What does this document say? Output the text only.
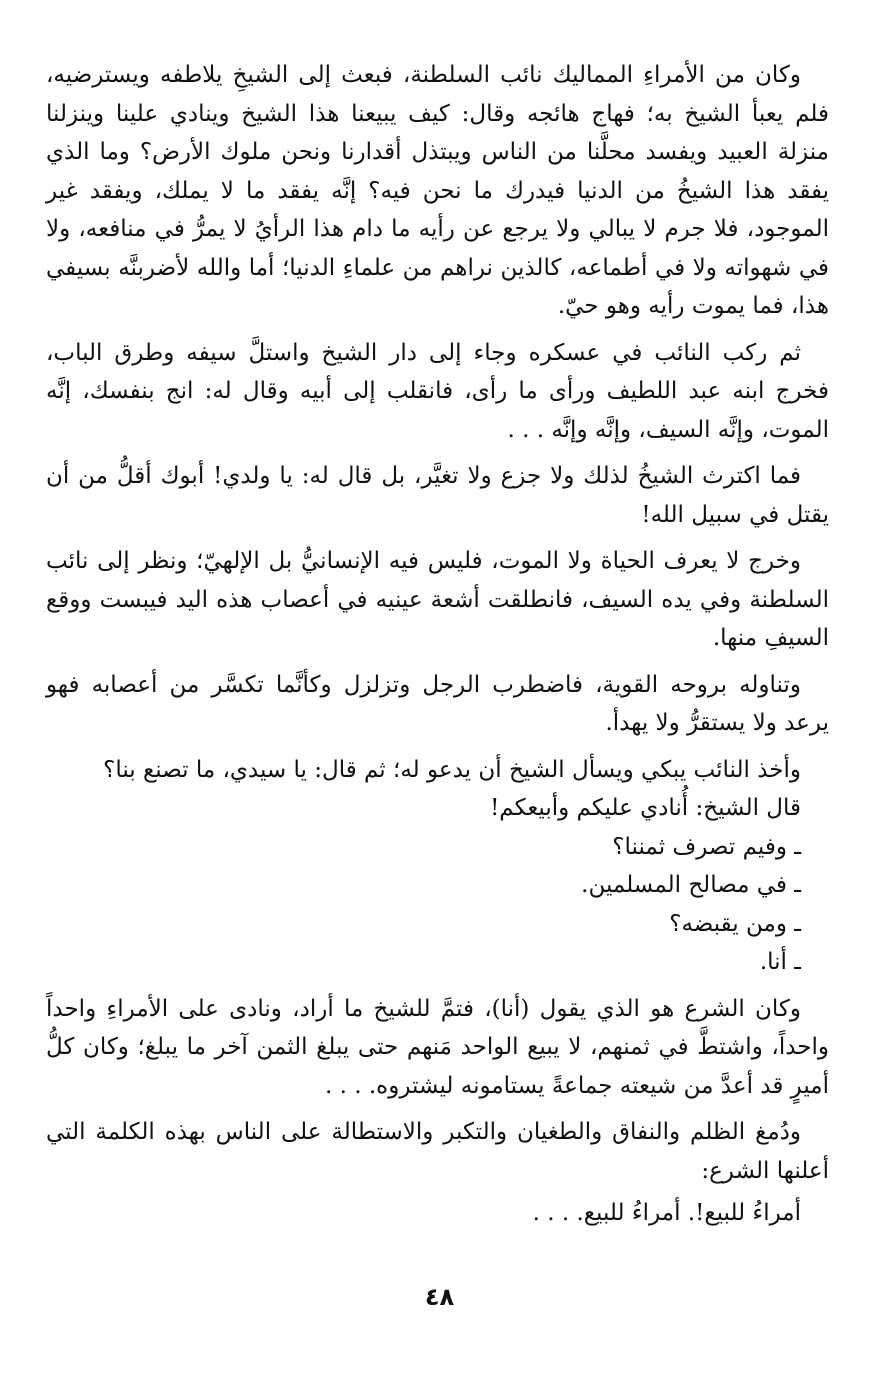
وكان من الأمراءِ المماليك نائب السلطنة، فبعث إلى الشيخِ يلاطفه ويسترضيه، فلم يعبأ الشيخ به؛ فهاج هائجه وقال: كيف يبيعنا هذا الشيخ وينادي علينا وينزلنا منزلة العبيد ويفسد محلَّنا من الناس ويبتذل أقدارنا ونحن ملوك الأرض؟ وما الذي يفقد هذا الشيخُ من الدنيا فيدرك ما نحن فيه؟ إنَّه يفقد ما لا يملك، ويفقد غير الموجود، فلا جرم لا يبالي ولا يرجع عن رأيه ما دام هذا الرأيُ لا يمرُّ في منافعه، ولا في شهواته ولا في أطماعه، كالذين نراهم من علماءِ الدنيا؛ أما والله لأضربنَّه بسيفي هذا، فما يموت رأيه وهو حيّ.

ثم ركب النائب في عسكره وجاء إلى دار الشيخ واستلَّ سيفه وطرق الباب، فخرج ابنه عبد اللطيف ورأى ما رأى، فانقلب إلى أبيه وقال له: انج بنفسك، إنَّه الموت، وإنَّه السيف، وإنَّه وإنَّه . . .

فما اكترث الشيخُ لذلك ولا جزع ولا تغيَّر، بل قال له: يا ولدي! أبوك أقلُّ من أن يقتل في سبيل الله!

وخرج لا يعرف الحياة ولا الموت، فليس فيه الإنسانيُّ بل الإلهيّ؛ ونظر إلى نائب السلطنة وفي يده السيف، فانطلقت أشعة عينيه في أعصاب هذه اليد فيبست ووقع السيفِ منها.

وتناوله بروحه القوية، فاضطرب الرجل وتزلزل وكأنَّما تكسَّر من أعصابه فهو يرعد ولا يستقرُّ ولا يهدأ.

وأخذ النائب يبكي ويسأل الشيخ أن يدعو له؛ ثم قال: يا سيدي، ما تصنع بنا؟

قال الشيخ: أُنادي عليكم وأبيعكم!

ـ وفيم تصرف ثمننا؟

ـ في مصالح المسلمين.

ـ ومن يقبضه؟

ـ أنا.

وكان الشرع هو الذي يقول (أنا)، فتمَّ للشيخ ما أراد، ونادى على الأمراءِ واحداً واحداً، واشتطَّ في ثمنهم، لا يبيع الواحد مَنهم حتى يبلغ الثمن آخر ما يبلغ؛ وكان كلُّ أميرٍ قد أعدَّ من شيعته جماعةً يستامونه ليشتروه. . . .

ودُمغ الظلم والنفاق والطغيان والتكبر والاستطالة على الناس بهذه الكلمة التي أعلنها الشرع:

أمراءُ للبيع!. أمراءُ للبيع. . . .

٤٨
